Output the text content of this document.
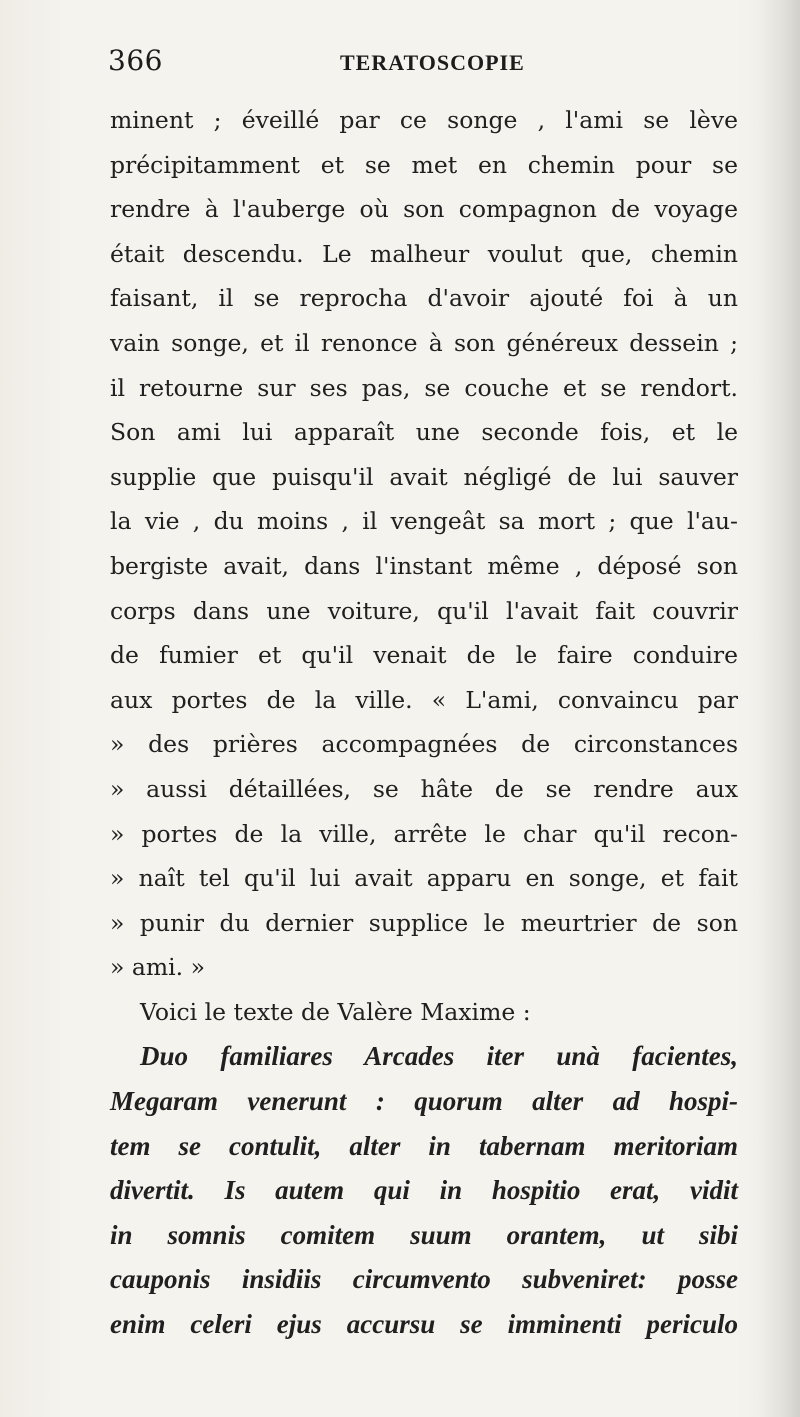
366	TERATOSCOPIE
minent ; éveillé par ce songe , l'ami se lève
précipitamment et se met en chemin pour se
rendre à l'auberge où son compagnon de voyage
était descendu. Le malheur voulut que, chemin
faisant, il se reprocha d'avoir ajouté foi à un
vain songe, et il renonce à son généreux dessein ;
il retourne sur ses pas, se couche et se rendort.
Son ami lui apparaît une seconde fois, et le
supplie que puisqu'il avait négligé de lui sauver
la vie , du moins , il vengeât sa mort ; que l'au-
bergiste avait, dans l'instant même , déposé son
corps dans une voiture, qu'il l'avait fait couvrir
de fumier et qu'il venait de le faire conduire
aux portes de la ville. « L'ami, convaincu par
» des prières accompagnées de circonstances
» aussi détaillées, se hâte de se rendre aux
» portes de la ville, arrête le char qu'il recon-
» naît tel qu'il lui avait apparu en songe, et fait
» punir du dernier supplice le meurtrier de son
» ami. »
Voici le texte de Valère Maxime :
Duo familiares Arcades iter unà facientes,
Megaram venerunt : quorum alter ad hospi-
tem se contulit, alter in tabernam meritoriam
divertit. Is autem qui in hospitio erat, vidit
in somnis comitem suum orantem, ut sibi
cauponis insidiis circumvento subveniret: posse
enim celeri ejus accursu se imminenti periculo
